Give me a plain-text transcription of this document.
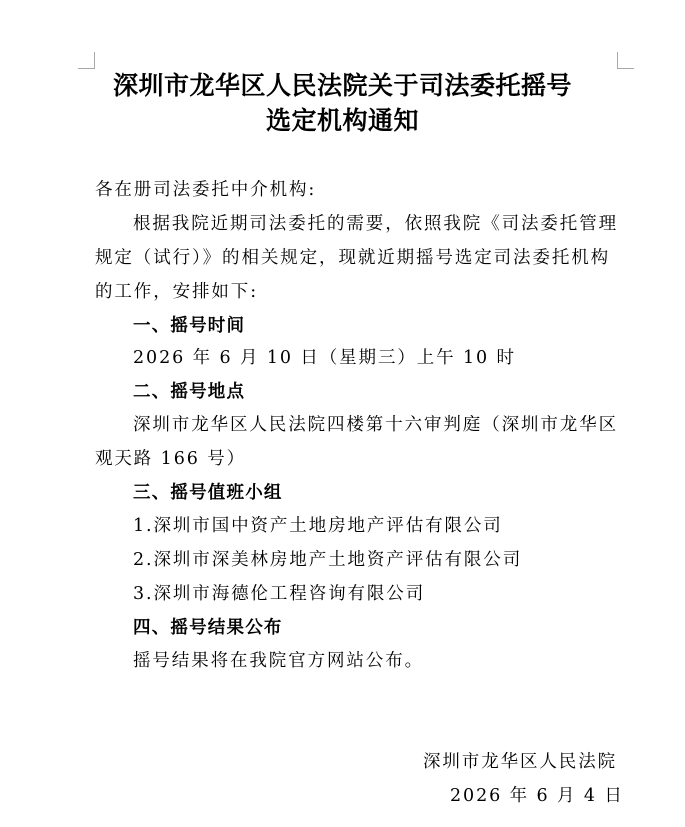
深圳市龙华区人民法院关于司法委托摇号
选定机构通知
各在册司法委托中介机构:
根据我院近期司法委托的需要，依照我院《司法委托管理
规定（试行）》的相关规定，现就近期摇号选定司法委托机构
的工作，安排如下:
一、摇号时间
2026 年 6 月 10 日（星期三）上午 10 时
二、摇号地点
深圳市龙华区人民法院四楼第十六审判庭（深圳市龙华区
观天路 166 号）
三、摇号值班小组
1.深圳市国中资产土地房地产评估有限公司
2.深圳市深美林房地产土地资产评估有限公司
3.深圳市海德伦工程咨询有限公司
四、摇号结果公布
摇号结果将在我院官方网站公布。
深圳市龙华区人民法院
2026 年 6 月 4 日
